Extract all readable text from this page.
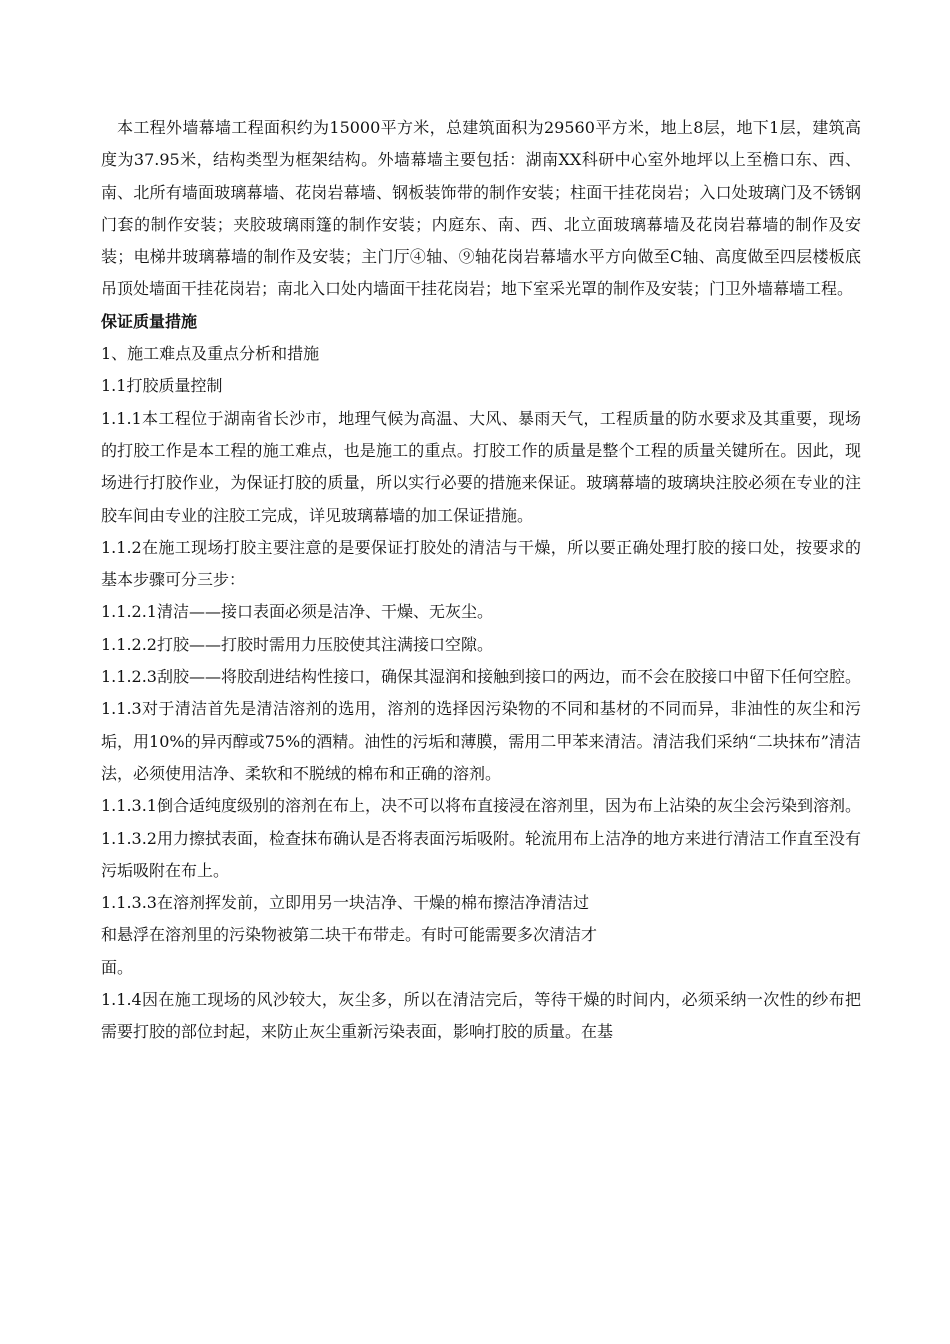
本工程外墙幕墙工程面积约为15000平方米，总建筑面积为29560平方米，地上8层，地下1层，建筑高度为37.95米，结构类型为框架结构。外墙幕墙主要包括：湖南XX科研中心室外地坪以上至檐口东、西、南、北所有墙面玻璃幕墙、花岗岩幕墙、钢板装饰带的制作安装；柱面干挂花岗岩；入口处玻璃门及不锈钢门套的制作安装；夹胶玻璃雨篷的制作安装；内庭东、南、西、北立面玻璃幕墙及花岗岩幕墙的制作及安装；电梯井玻璃幕墙的制作及安装；主门厅④轴、⑨轴花岗岩幕墙水平方向做至C轴、高度做至四层楼板底吊顶处墙面干挂花岗岩；南北入口处内墙面干挂花岗岩；地下室采光罩的制作及安装；门卫外墙幕墙工程。

保证质量措施

1、施工难点及重点分析和措施

1.1打胶质量控制

1.1.1本工程位于湖南省长沙市，地理气候为高温、大风、暴雨天气，工程质量的防水要求及其重要，现场的打胶工作是本工程的施工难点，也是施工的重点。打胶工作的质量是整个工程的质量关键所在。因此，现场进行打胶作业，为保证打胶的质量，所以实行必要的措施来保证。玻璃幕墙的玻璃块注胶必须在专业的注胶车间由专业的注胶工完成，详见玻璃幕墙的加工保证措施。

1.1.2在施工现场打胶主要注意的是要保证打胶处的清洁与干燥，所以要正确处理打胶的接口处，按要求的基本步骤可分三步：

1.1.2.1清洁——接口表面必须是洁净、干燥、无灰尘。

1.1.2.2打胶——打胶时需用力压胶使其注满接口空隙。

1.1.2.3刮胶——将胶刮进结构性接口，确保其湿润和接触到接口的两边，而不会在胶接口中留下任何空腔。

1.1.3对于清洁首先是清洁溶剂的选用，溶剂的选择因污染物的不同和基材的不同而异，非油性的灰尘和污垢，用10%的异丙醇或75%的酒精。油性的污垢和薄膜，需用二甲苯来清洁。清洁我们采纳“二块抹布”清洁法，必须使用洁净、柔软和不脱绒的棉布和正确的溶剂。

1.1.3.1倒合适纯度级别的溶剂在布上，决不可以将布直接浸在溶剂里，因为布上沾染的灰尘会污染到溶剂。

1.1.3.2用力擦拭表面，检查抹布确认是否将表面污垢吸附。轮流用布上洁净的地方来进行清洁工作直至没有污垢吸附在布上。

1.1.3.3在溶剂挥发前，立即用另一块洁净、干燥的棉布擦洁净清洁过
和悬浮在溶剂里的污染物被第二块干布带走。有时可能需要多次清洁才
面。

1.1.4因在施工现场的风沙较大，灰尘多，所以在清洁完后，等待干燥的时间内，必须采纳一次性的纱布把需要打胶的部位封起，来防止灰尘重新污染表面，影响打胶的质量。在基
